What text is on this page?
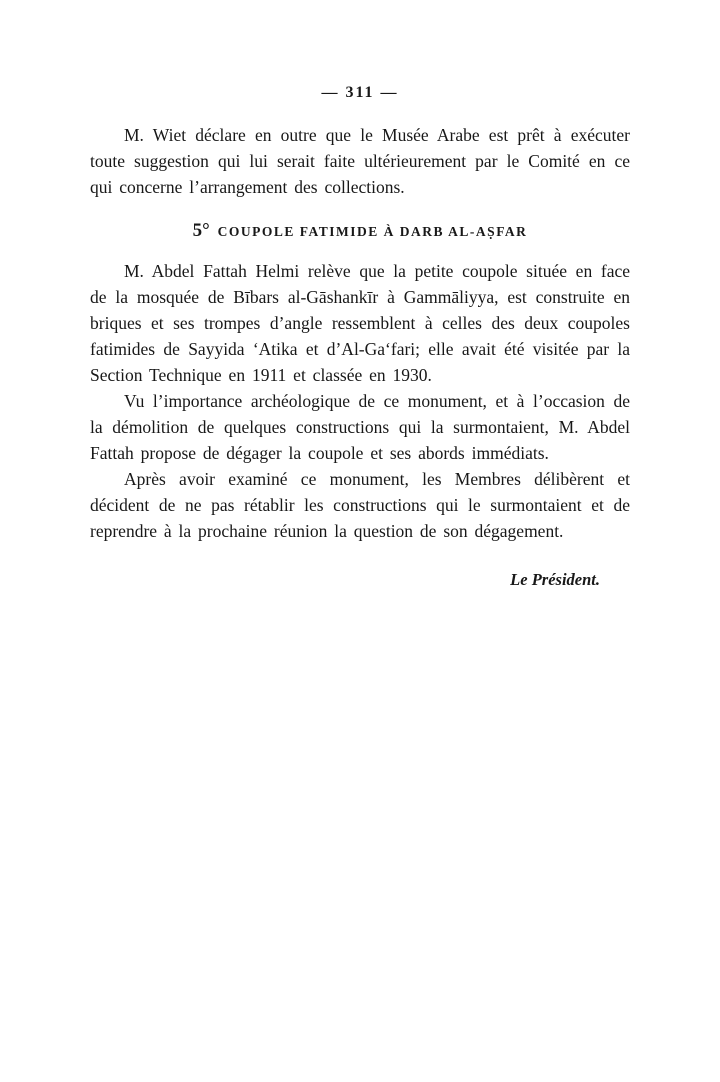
— 311 —

M. Wiet déclare en outre que le Musée Arabe est prêt à exécuter toute suggestion qui lui serait faite ultérieurement par le Comité en ce qui concerne l’arrangement des collections.

5° COUPOLE FATIMIDE À DARB AL-AṢFAR

M. Abdel Fattah Helmi relève que la petite coupole située en face de la mosquée de Bībars al-Gāshankīr à Gammāliyya, est construite en briques et ses trompes d’angle ressemblent à celles des deux coupoles fatimides de Sayyida ‘Atika et d’Al-Ga‘fari; elle avait été visitée par la Section Technique en 1911 et classée en 1930.

Vu l’importance archéologique de ce monument, et à l’occasion de la démolition de quelques constructions qui la surmontaient, M. Abdel Fattah propose de dégager la coupole et ses abords immédiats.

Après avoir examiné ce monument, les Membres délibèrent et décident de ne pas rétablir les constructions qui le surmontaient et de reprendre à la prochaine réunion la question de son dégagement.

Le Président.
